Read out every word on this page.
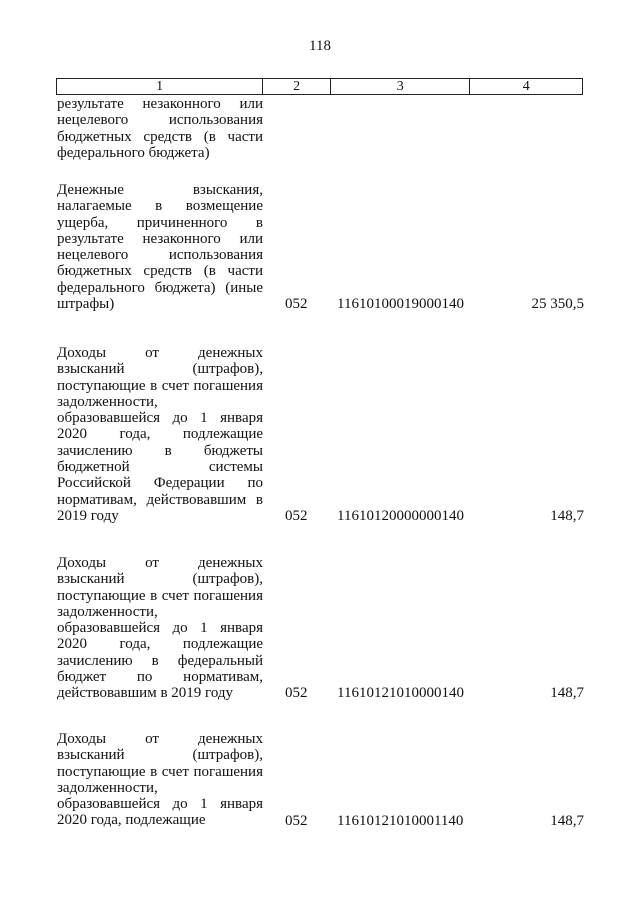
118
1	2	3	4
результате незаконного или
нецелевого использования
бюджетных средств (в части
федерального бюджета)
Денежные взыскания,
налагаемые в возмещение
ущерба, причиненного в
результате незаконного или
нецелевого использования
бюджетных средств (в части
федерального бюджета) (иные
штрафы)	052	11610100019000140	25 350,5
Доходы от денежных
взысканий (штрафов),
поступающие в счет погашения
задолженности,
образовавшейся до 1 января
2020 года, подлежащие
зачислению в бюджеты
бюджетной системы
Российской Федерации по
нормативам, действовавшим в
2019 году	052	11610120000000140	148,7
Доходы от денежных
взысканий (штрафов),
поступающие в счет погашения
задолженности,
образовавшейся до 1 января
2020 года, подлежащие
зачислению в федеральный
бюджет по нормативам,
действовавшим в 2019 году	052	11610121010000140	148,7
Доходы от денежных
взысканий (штрафов),
поступающие в счет погашения
задолженности,
образовавшейся до 1 января
2020 года, подлежащие	052	11610121010001140	148,7
